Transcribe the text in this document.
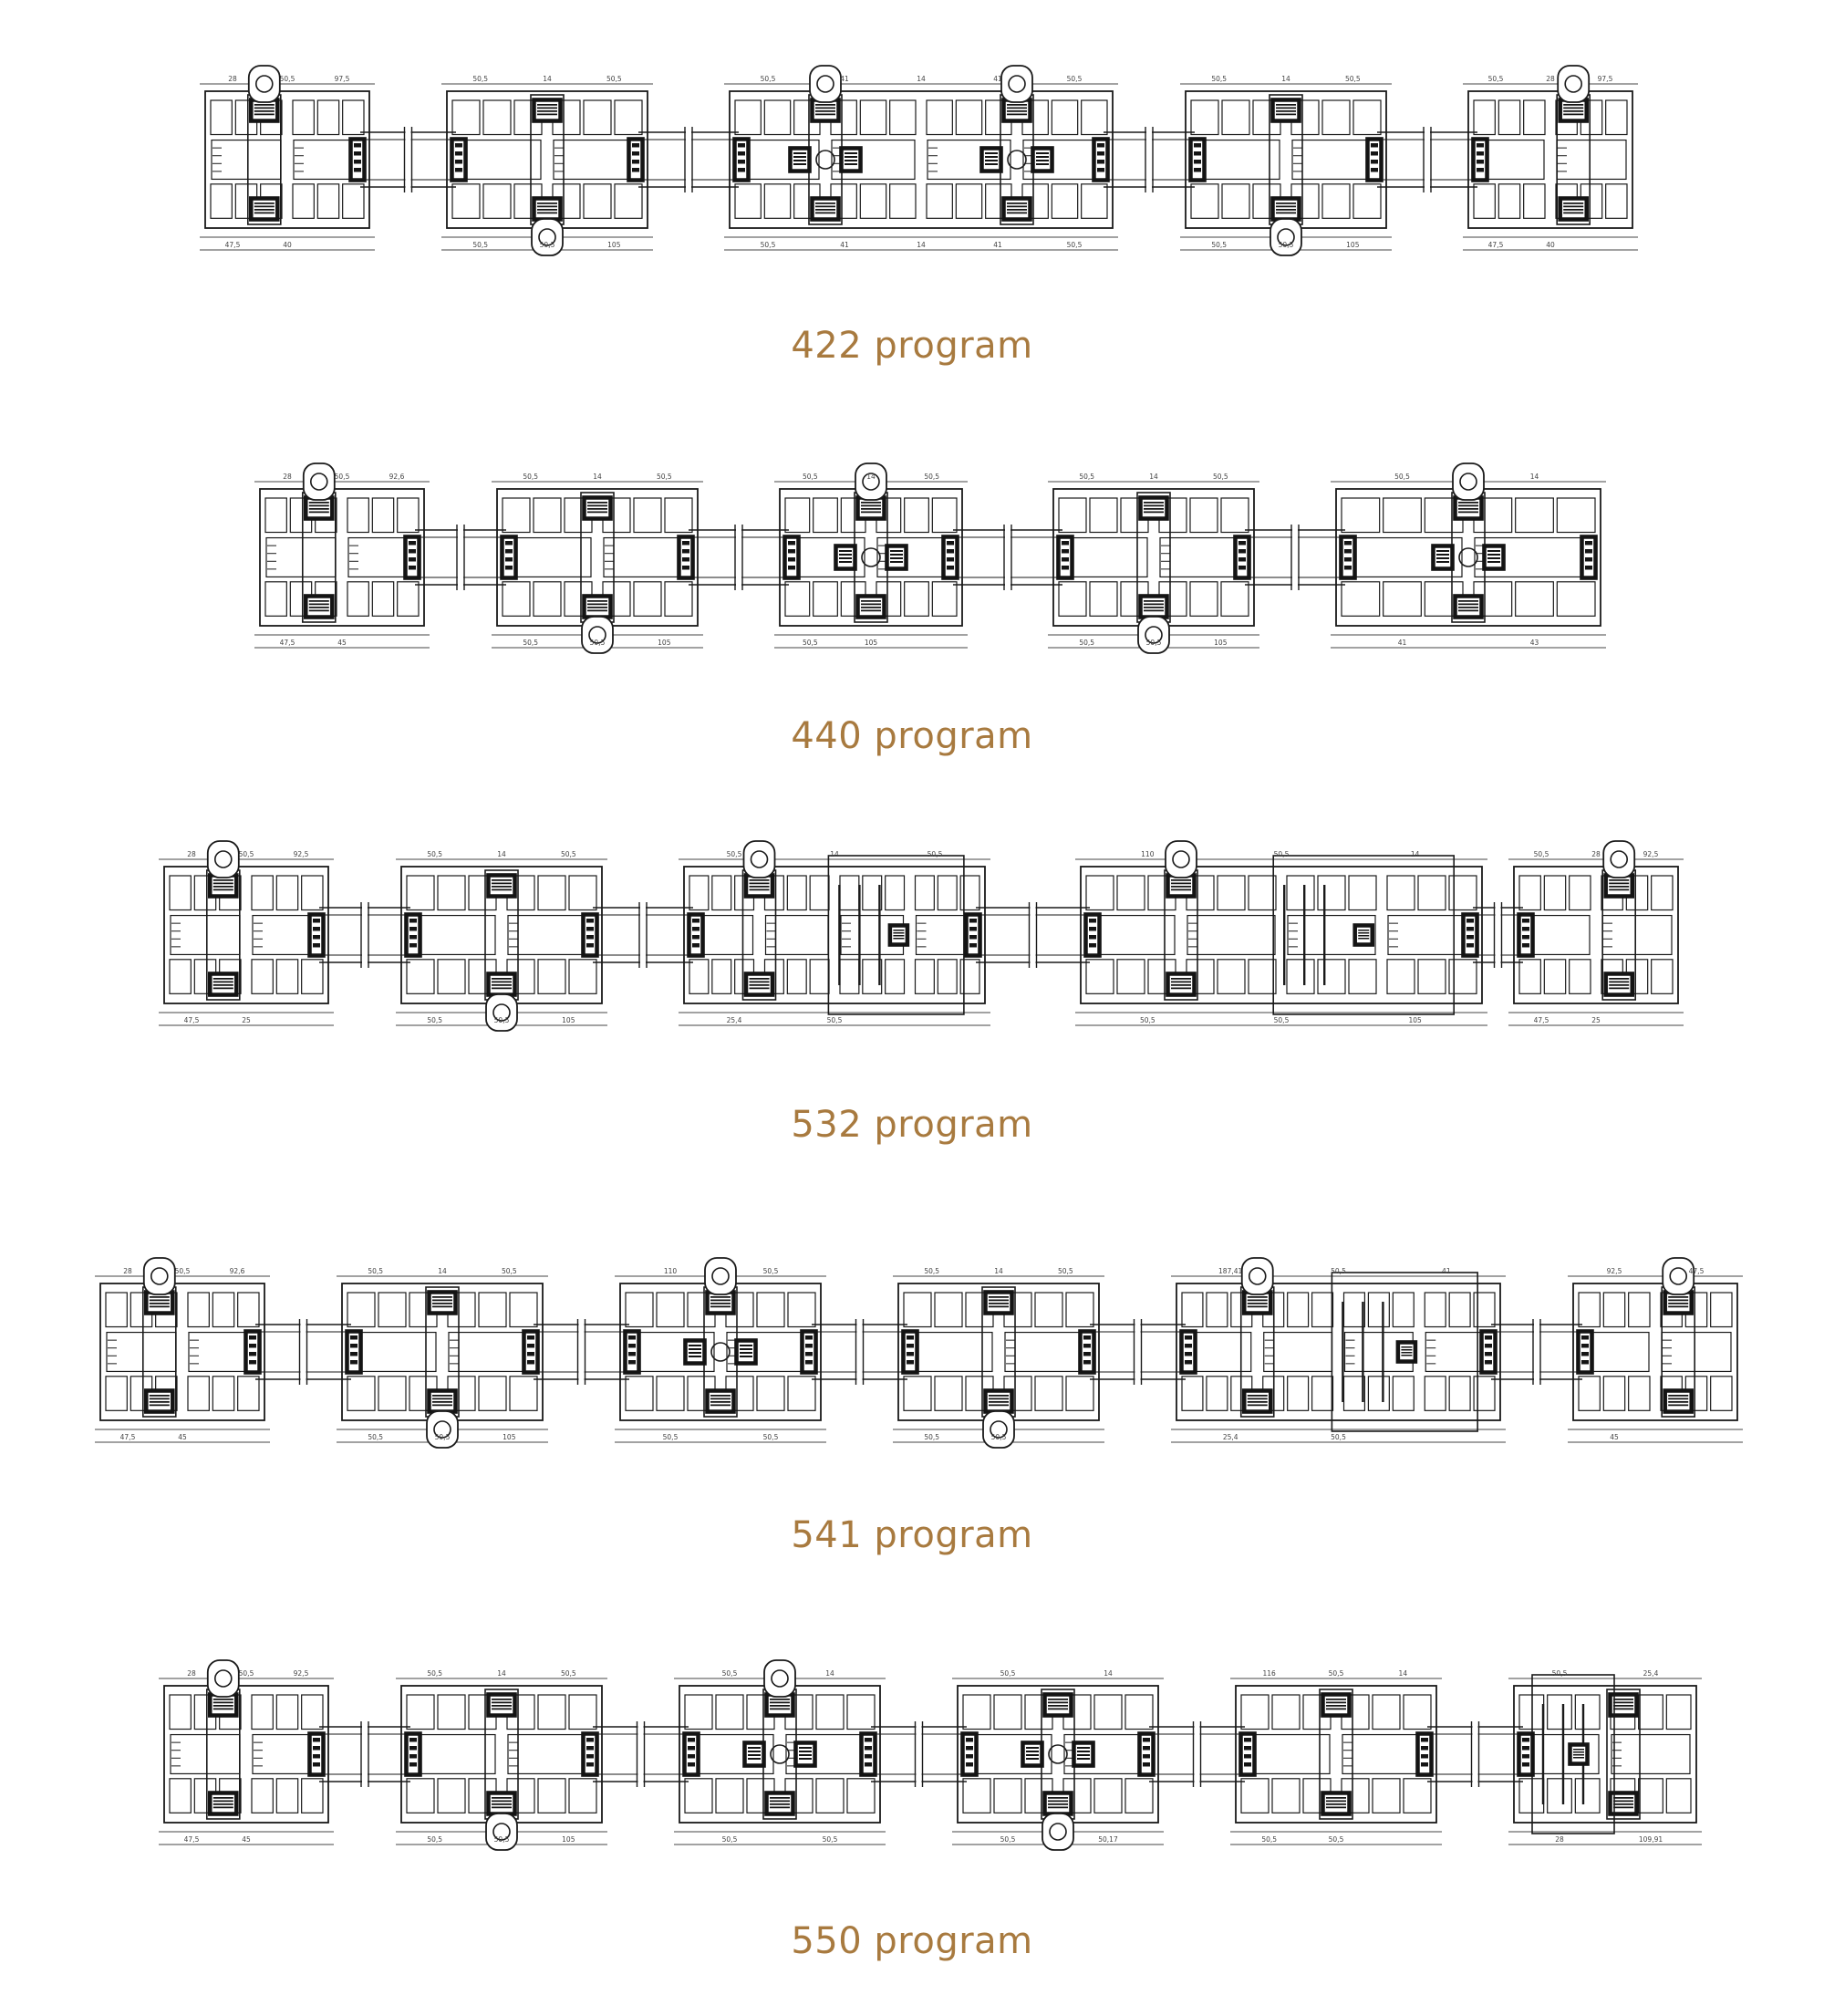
28	50,5	97,5
47,5	40
50,5	14	50,5
50,5	50,5	105
50,5	41	14	41	50,5
50,5	41	14	41	50,5
50,5	14	50,5
50,5	50,5	105
50,5	28	97,5
47,5	40
422 program
28	50,5	92,6
47,5	45
50,5	14	50,5
50,5	50,5	105
50,5	14	50,5
50,5	105
50,5	14	50,5
50,5	50,5	105
50,5	14
41	43
440 program
28	50,5	92,5
47,5	25
50,5	14	50,5
50,5	50,5	105
50,5	14	50,5
25,4	50,5
110	50,5	14
50,5	50,5	105
50,5	28	92,5
47,5	25
532 program
28	50,5	92,6
47,5	45
50,5	14	50,5
50,5	50,5	105
110	50,5
50,5	50,5
50,5	14	50,5
50,5	50,5
187,41	50,5	41
25,4	50,5
92,5	47,5
45
541 program
28	50,5	92,5
47,5	45
50,5	14	50,5
50,5	50,5	105
50,5	14
50,5	50,5
50,5	14
50,5	50,17
116	50,5	14
50,5	50,5
50,5	25,4
28	109,91
550 program
